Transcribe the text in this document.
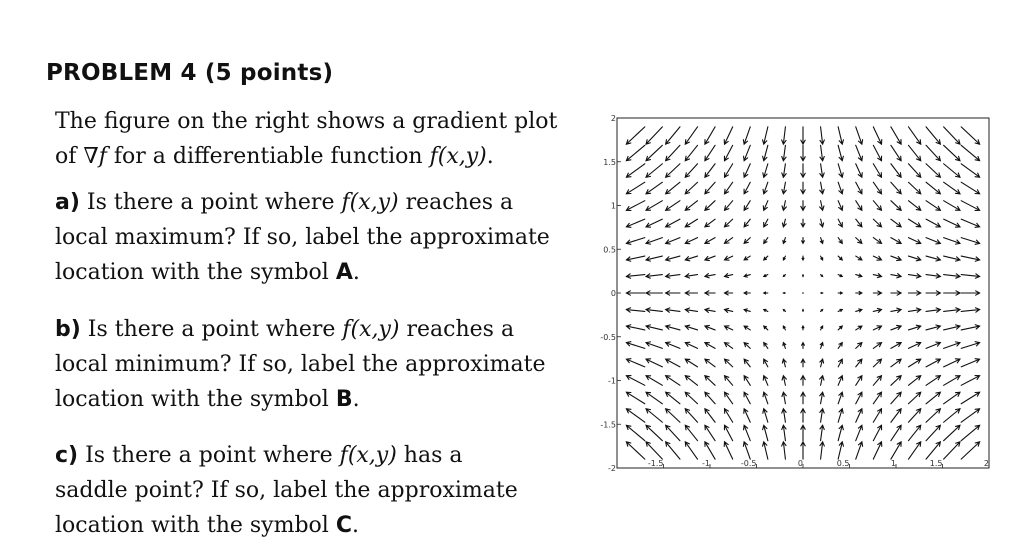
PROBLEM 4 (5 points)
The figure on the right shows a gradient plot
of ∇f for a differentiable function f(x,y).
a) Is there a point where f(x,y) reaches a
local maximum? If so, label the approximate
location with the symbol A.
b) Is there a point where f(x,y) reaches a
local minimum? If so, label the approximate
location with the symbol B.
c) Is there a point where f(x,y) has a
saddle point? If so, label the approximate
location with the symbol C.
-1.5	-1	-0.5	0	0.5	1	1.5	2
2
1.5
1
0.5
0
-0.5
-1
-1.5
-2
